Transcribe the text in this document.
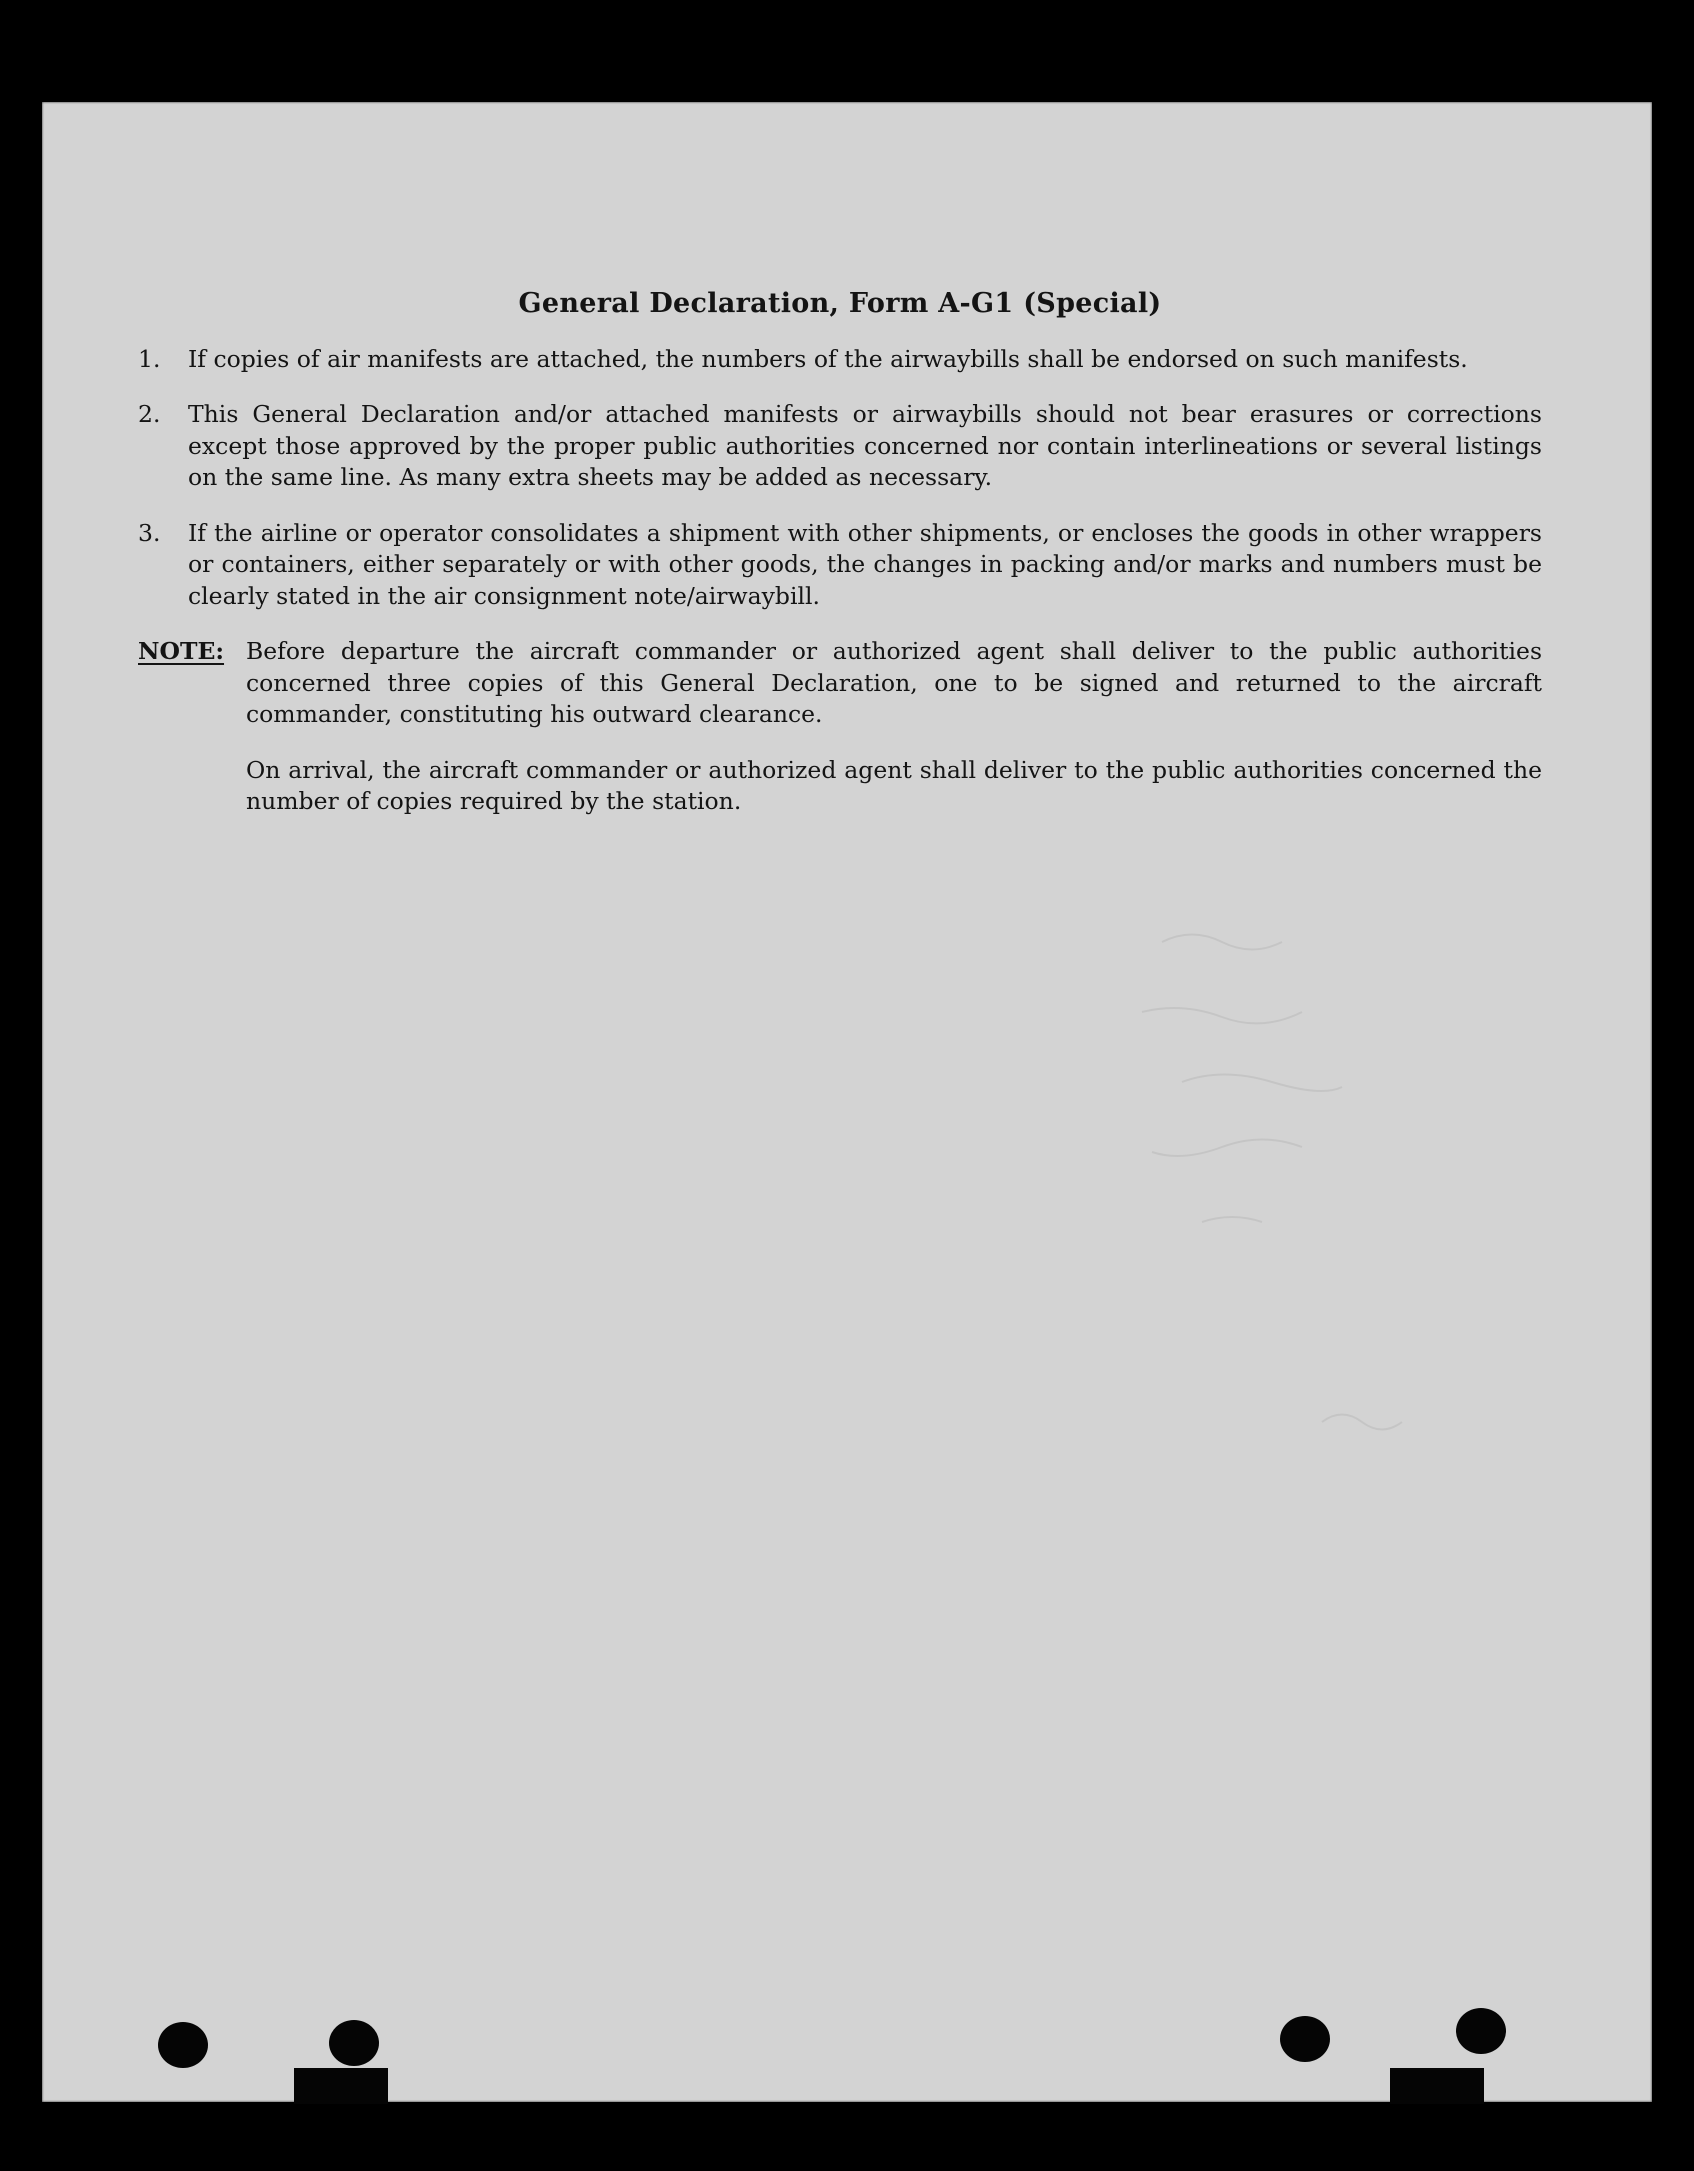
General Declaration, Form A-G1 (Special)
1.	If copies of air manifests are attached, the numbers of the airwaybills shall be endorsed on such manifests.
2.	This General Declaration and/or attached manifests or airwaybills should not bear erasures or corrections except those approved by the proper public authorities concerned nor contain interlineations or several listings on the same line. As many extra sheets may be added as necessary.
3.	If the airline or operator consolidates a shipment with other shipments, or encloses the goods in other wrappers or containers, either separately or with other goods, the changes in packing and/or marks and numbers must be clearly stated in the air consignment note/airwaybill.
NOTE: Before departure the aircraft commander or authorized agent shall deliver to the public authorities concerned three copies of this General Declaration, one to be signed and returned to the aircraft commander, constituting his outward clearance.

On arrival, the aircraft commander or authorized agent shall deliver to the public authorities concerned the number of copies required by the station.
